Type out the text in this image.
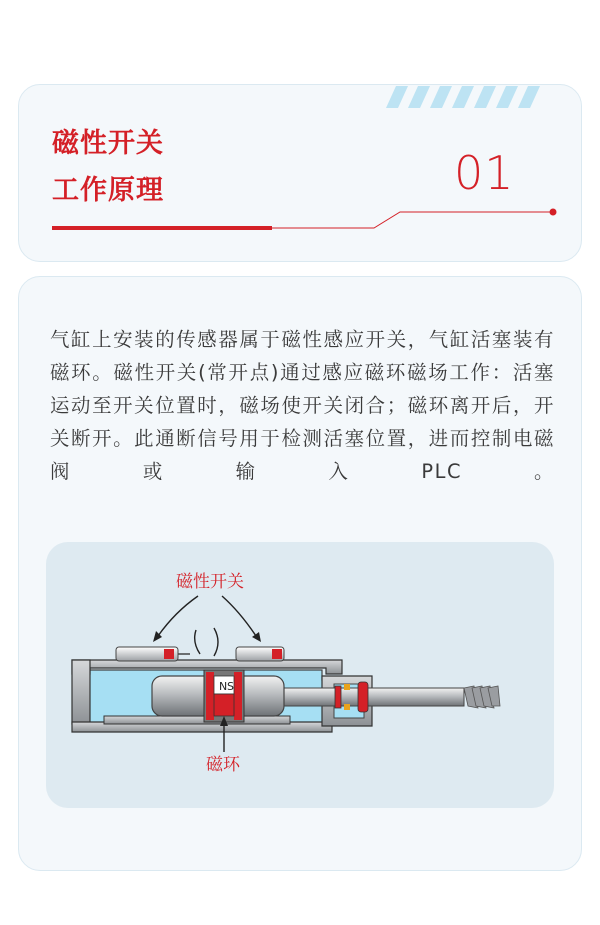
磁性开关
工作原理	01

气缸上安装的传感器属于磁性感应开关，气缸活塞装有磁环。磁性开关(常开点)通过感应磁环磁场工作：活塞运动至开关位置时，磁场使开关闭合；磁环离开后，开关断开。此通断信号用于检测活塞位置，进而控制电磁阀或输入PLC。

N S

磁性开关

磁环
